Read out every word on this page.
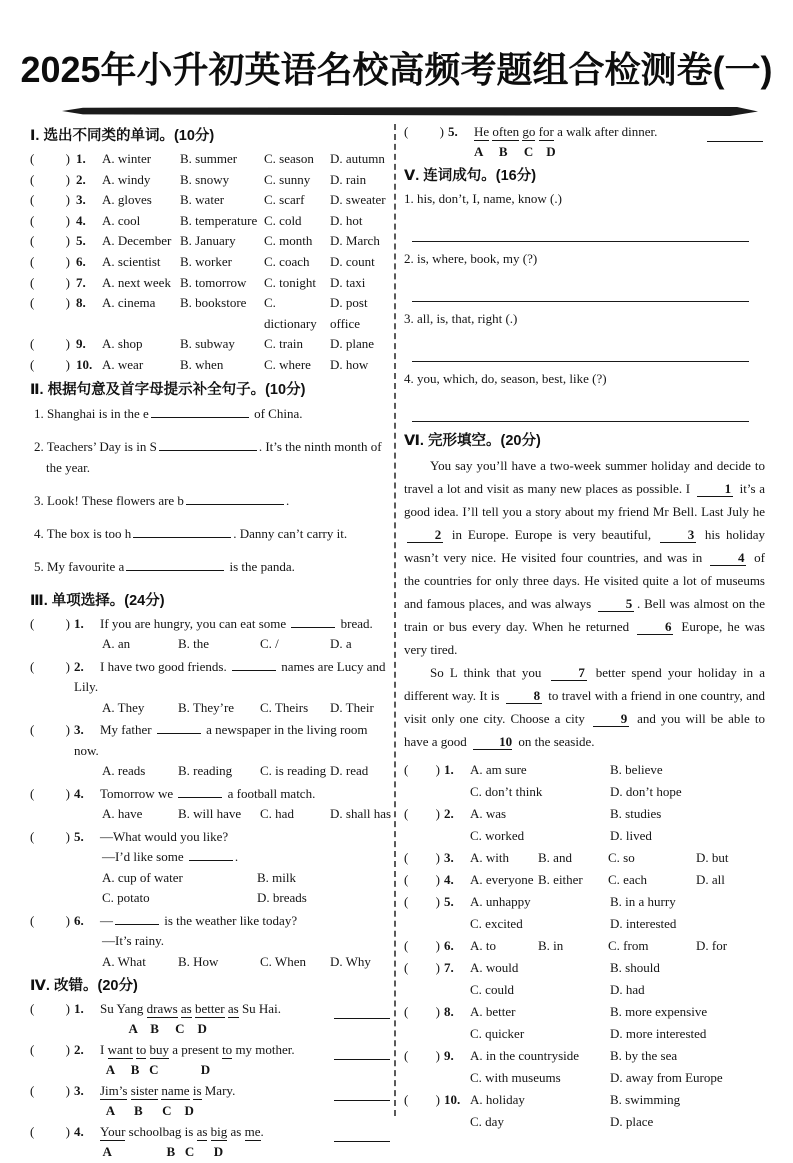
2025年小升初英语名校高频考题组合检测卷(一)
Ⅰ. 选出不同类的单词。(10分)
( ) 1.	A. winter	B. summer	C. season	D. autumn
( ) 2.	A. windy	B. snowy	C. sunny	D. rain
( ) 3.	A. gloves	B. water	C. scarf	D. sweater
( ) 4.	A. cool	B. temperature C. cold	D. hot
( ) 5.	A. December B. January	C. month	D. March
( ) 6.	A. scientist	B. worker	C. coach	D. count
( ) 7.	A. next week B. tomorrow	C. tonight	D. taxi
( ) 8.	A. cinema	B. bookstore	C. dictionary
D. post office
( ) 9.	A. shop	B. subway	C. train	D. plane
( ) 10. A. wear	B. when	C. where	D. how
Ⅱ. 根据句意及首字母提示补全句子。(10分)
1. Shanghai is in the e	of China.
2. Teachers’ Day is in S	. It’s the ninth month of the year.
3. Look! These flowers are b	.
4. The box is too h	. Danny can’t carry it.
5. My favourite a	is the panda.
Ⅲ. 单项选择。(24分)
( ) 1. If you are hungry, you can eat some	bread.
A. an	B. the	C. /	D. a
( ) 2. I have two good friends.	names are Lucy and Lily.
A. They	B. They’re	C. Theirs	D. Their
( ) 3. My father	a newspaper in the living room now.
A. reads	B. reading	C. is reading D. read
( ) 4. Tomorrow we	a football match.
A. have	B. will have	C. had	D. shall has
( ) 5. —What would you like?
—I’d like some	.
A. cup of water	B. milk
C. potato	D. breads
( ) 6. —	is the weather like today?
—It’s rainy.
A. What	B. How	C. When	D. Why
Ⅳ. 改错。(20分)
( ) 1.	Su Yang draws as better as Su Hai.
A    B     C    D
( ) 2.	I want to buy a present to my mother.
A     B   C             D
( ) 3.	Jim’s sister name is Mary.
A      B      C    D
( ) 4.	Your schoolbag is as big as me.
A                 B   C      D
( ) 5.	He often go for a walk after dinner.
A     B     C    D
Ⅴ. 连词成句。(16分)
1. his, don’t, I, name, know (.)
2. is, where, book, my (?)
3. all, is, that, right (.)
4. you, which, do, season, best, like (?)
Ⅵ. 完形填空。(20分)

You say you’ll have a two-week summer holiday and decide to travel a lot and visit as many new places as possible. I 1 it’s a good idea. I’ll tell you a story about my friend Mr Bell. Last July he 2 in Europe. Europe is very beautiful, 3 his holiday wasn’t very nice. He visited four countries, and was in 4 of the countries for only three days. He visited quite a lot of museums and famous places, and was always 5 . Bell was almost on the train or bus every day. When he returned 6 Europe, he was very tired.

So L think that you 7 better spend your holiday in a different way. It is 8 to travel with a friend in one country, and visit only one city. Choose a city 9 and you will be able to have a good 10 on the seaside.

( ) 1.	A. am sure	B. believe
C. don’t think	D. don’t hope
( ) 2.	A. was	B. studies
C. worked	D. lived
( ) 3.	A. with	B. and	C. so	D. but
( ) 4.	A. everyone B. either	C. each	D. all
( ) 5.	A. unhappy	B. in a hurry
C. excited	D. interested
( ) 6.	A. to	B. in	C. from	D. for
( ) 7.	A. would	B. should
C. could	D. had
( ) 8.	A. better	B. more expensive
C. quicker	D. more interested
( ) 9.	A. in the countryside	B. by the sea
C. with museums	D. away from Europe
( ) 10. A. holiday	B. swimming
C. day	D. place
